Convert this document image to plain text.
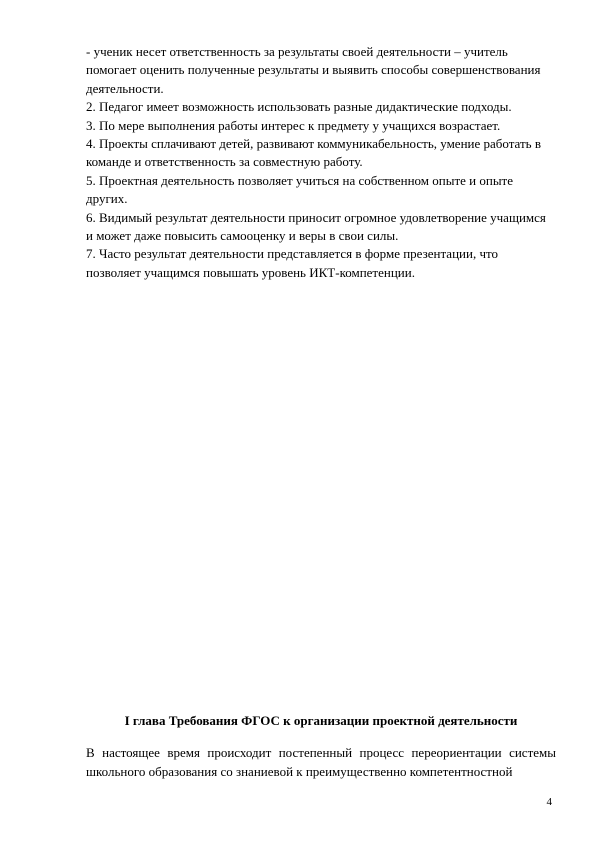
- ученик несет ответственность за результаты своей деятельности – учитель помогает оценить полученные результаты и выявить способы совершенствования деятельности.

2. Педагог имеет возможность использовать разные дидактические подходы.

3. По мере выполнения работы интерес к предмету у учащихся возрастает.

4. Проекты сплачивают детей, развивают коммуникабельность, умение работать в команде и ответственность за совместную работу.

5. Проектная деятельность позволяет учиться на собственном опыте и опыте других.

6. Видимый результат деятельности приносит огромное удовлетворение учащимся и может даже повысить самооценку и веры в свои силы.

7. Часто результат деятельности представляется в форме презентации, что позволяет учащимся повышать уровень ИКТ-компетенции.

I глава Требования ФГОС к организации проектной деятельности

В настоящее время происходит постепенный процесс переориентации системы школьного образования со знаниевой к преимущественно компетентностной

4
